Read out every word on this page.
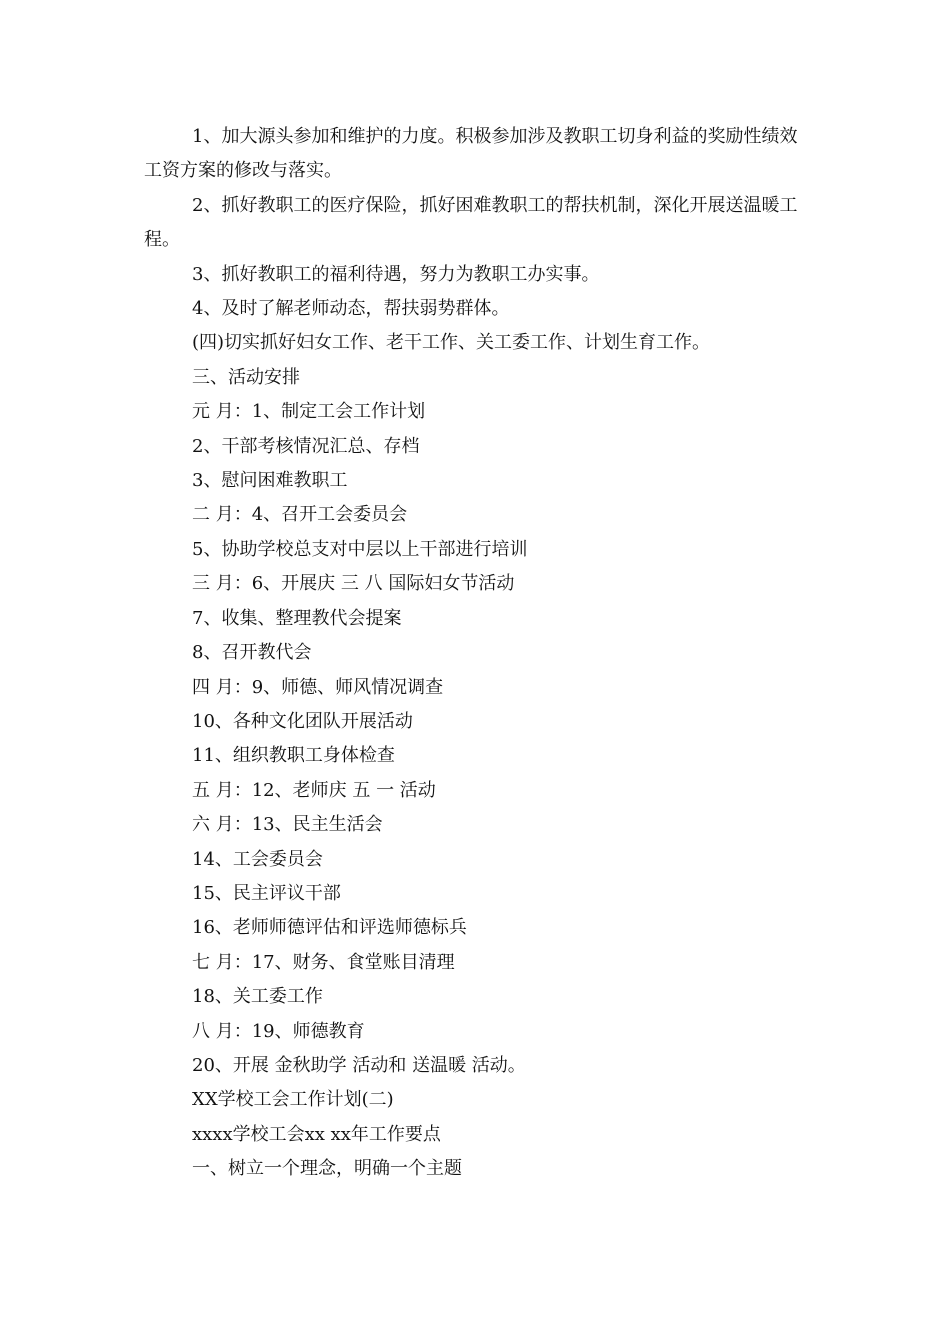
1、加大源头参加和维护的力度。积极参加涉及教职工切身利益的奖励性绩效工资方案的修改与落实。

2、抓好教职工的医疗保险，抓好困难教职工的帮扶机制，深化开展送温暖工程。

3、抓好教职工的福利待遇，努力为教职工办实事。

4、及时了解老师动态，帮扶弱势群体。

(四)切实抓好妇女工作、老干工作、关工委工作、计划生育工作。

三、活动安排

元 月：1、制定工会工作计划

2、干部考核情况汇总、存档

3、慰问困难教职工

二 月：4、召开工会委员会

5、协助学校总支对中层以上干部进行培训

三 月：6、开展庆 三 八 国际妇女节活动

7、收集、整理教代会提案

8、召开教代会

四 月：9、师德、师风情况调查

10、各种文化团队开展活动

11、组织教职工身体检查

五 月：12、老师庆 五 一 活动

六 月：13、民主生活会

14、工会委员会

15、民主评议干部

16、老师师德评估和评选师德标兵

七 月：17、财务、食堂账目清理

18、关工委工作

八 月：19、师德教育

20、开展 金秋助学 活动和 送温暖 活动。

XX学校工会工作计划(二)

xxxx学校工会xx xx年工作要点

一、树立一个理念，明确一个主题
